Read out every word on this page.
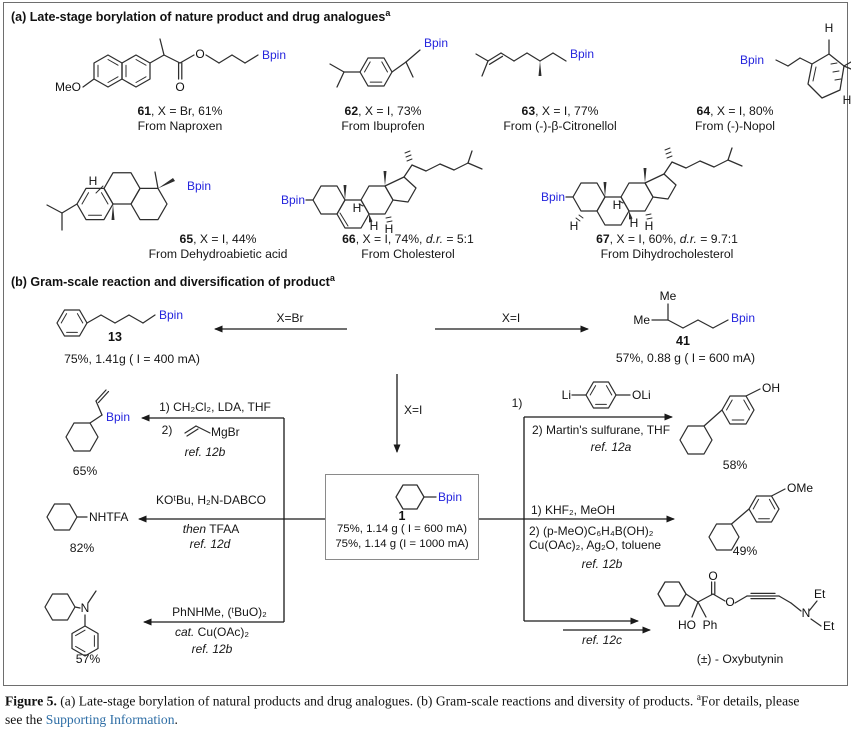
(a) Late-stage borylation of nature product and drug analogues$^a$
MeO	O
O	Bpin
Bpin
Bpin	Bpin
H
H
H	Bpin
Bpin
H
H H
Bpin
H
H H
H
61, X = Br, 61%
From Naproxen
62, X = I, 73%
From Ibuprofen
63, X = I, 77%
From (-)-β-Citronellol
64, X = I, 80%
From (-)-Nopol
65, X = I, 44%
From Dehydroabietic acid
66, X = I, 74%, d.r. = 5:1
From Cholesterol
67, X = I, 60%, d.r. = 9.7:1
From Dihydrocholesterol
(b) Gram-scale reaction and diversification of product$^a$
Bpin
13
75%, 1.41g ( I = 400 mA)
X=Br	X=I
X=I
Me
Me	Bpin
41
57%, 0.88 g ( I = 600 mA)
Bpin
1
75%, 1.14 g ( I = 600 mA)
75%, 1.14 g (I = 1000 mA)
1) CH₂Cl₂, LDA, THF
2)	MgBr
ref. 12b
Bpin
65%
KOᵗBu, H₂N-DABCO
then TFAA
ref. 12d
NHTFA
82%
PhNHMe, (ᵗBuO)₂
cat. Cu(OAc)₂
ref. 12b
N
57%
1)
Li	OLi
2) Martin's sulfurane, THF
ref. 12a
OH
58%
1) KHF₂, MeOH
2) (p-MeO)C₆H₄B(OH)₂
Cu(OAc)₂, Ag₂O, toluene
ref. 12b
OMe
49%
ref. 12c
HO Ph
O
O
N
Et
Et
(±) - Oxybutynin
Figure 5. (a) Late-stage borylation of natural products and drug analogues. (b) Gram-scale reactions and diversity of products. $^a$For details, please
see the Supporting Information.
